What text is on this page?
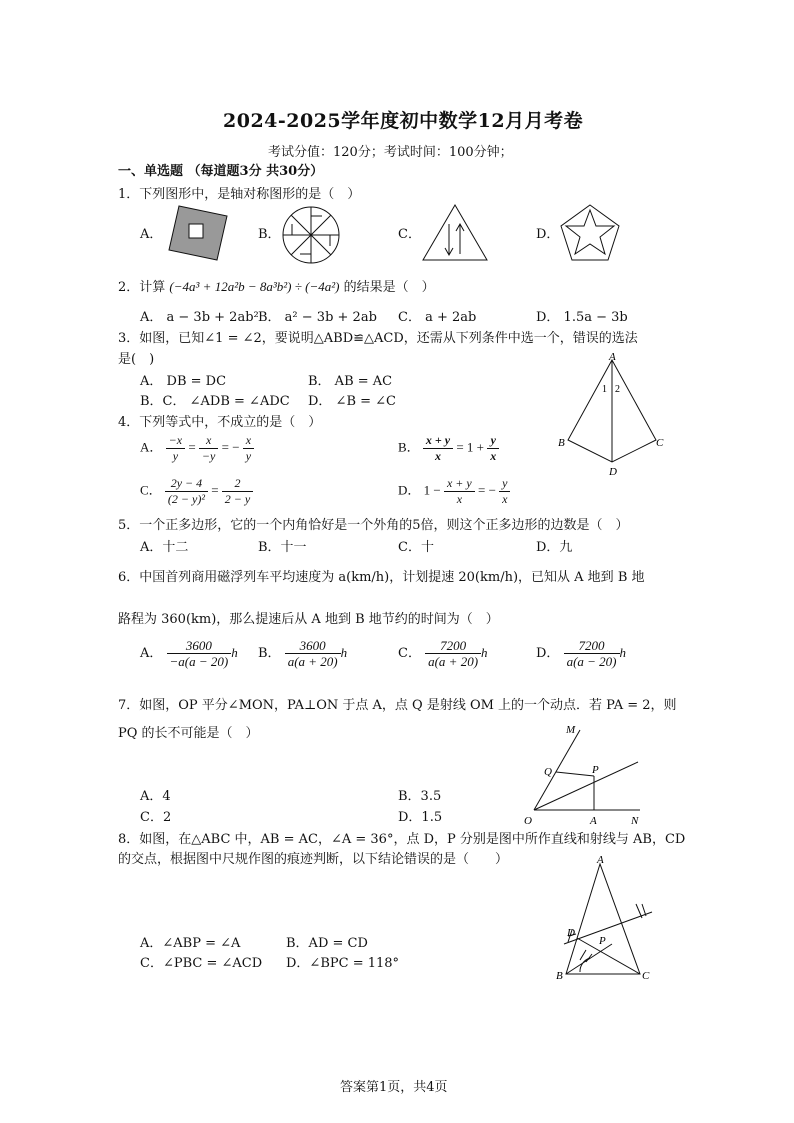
2024-2025学年度初中数学12月月考卷
考试分值：120分；考试时间：100分钟；
一、单选题 （每道题3分 共30分）
1．下列图形中，是轴对称图形的是（　）
A．	B．	C．	D．
2．计算 (−4a³ + 12a²b − 8a³b²) ÷ (−4a²) 的结果是（　）
A． a − 3b + 2ab² B． a² − 3b + 2ab C． a + 2ab	D． 1.5a − 3b
3．如图，已知∠1 = ∠2，要说明△ABD≌△ACD，还需从下列条件中选一个，错误的选法
是(　)
A． DB = DC	B． AB = AC
B．C． ∠ADB = ∠ADC D． ∠B = ∠C
A
1 2
B	C
D
4．下列等式中，不成立的是（　）
A． $\frac{-x}{y} = \frac{x}{-y}$ = − $\frac{x}{y}$	B． $\frac{x + y}{x} = 1 + \frac{y}{x}$
C． $\frac{2y - 4}{\text{(2 − y)²}} = \frac{2}{2 - y}$	D． $1 - \frac{x + y}{x}$ = − $\frac{y}{x}$
5．一个正多边形，它的一个内角恰好是一个外角的5倍，则这个正多边形的边数是（　）
A．十二	B．十一	C．十	D．九
6．中国首列商用磁浮列车平均速度为 a(km/h)，计划提速 20(km/h)，已知从 A 地到 B 地
路程为 360(km)，那么提速后从 A 地到 B 地节约的时间为（　）
A． $\frac{3600}{-a(a - 20)}$ h B． $\frac{3600}{a(a + 20)}$ h	C． $\frac{7200}{a(a + 20)}$ h	D． $\frac{7200}{a(a - 20)}$ h
7．如图，OP 平分∠MON，PA⊥ON 于点 A，点 Q 是射线 OM 上的一个动点．若 PA = 2，则
PQ 的长不可能是（　）
A．4	B．3.5
C．2	D．1.5
M
Q	P
O	A	N
8．如图，在△ABC 中，AB = AC，∠A = 36°，点 D，P 分别是图中所作直线和射线与 AB，CD
的交点，根据图中尺规作图的痕迹判断，以下结论错误的是（　　）
A．∠ABP = ∠A	B．AD = CD
C．∠PBC = ∠ACD D．∠BPC = 118°
A
D
P
B	C
答案第1页，共4页
